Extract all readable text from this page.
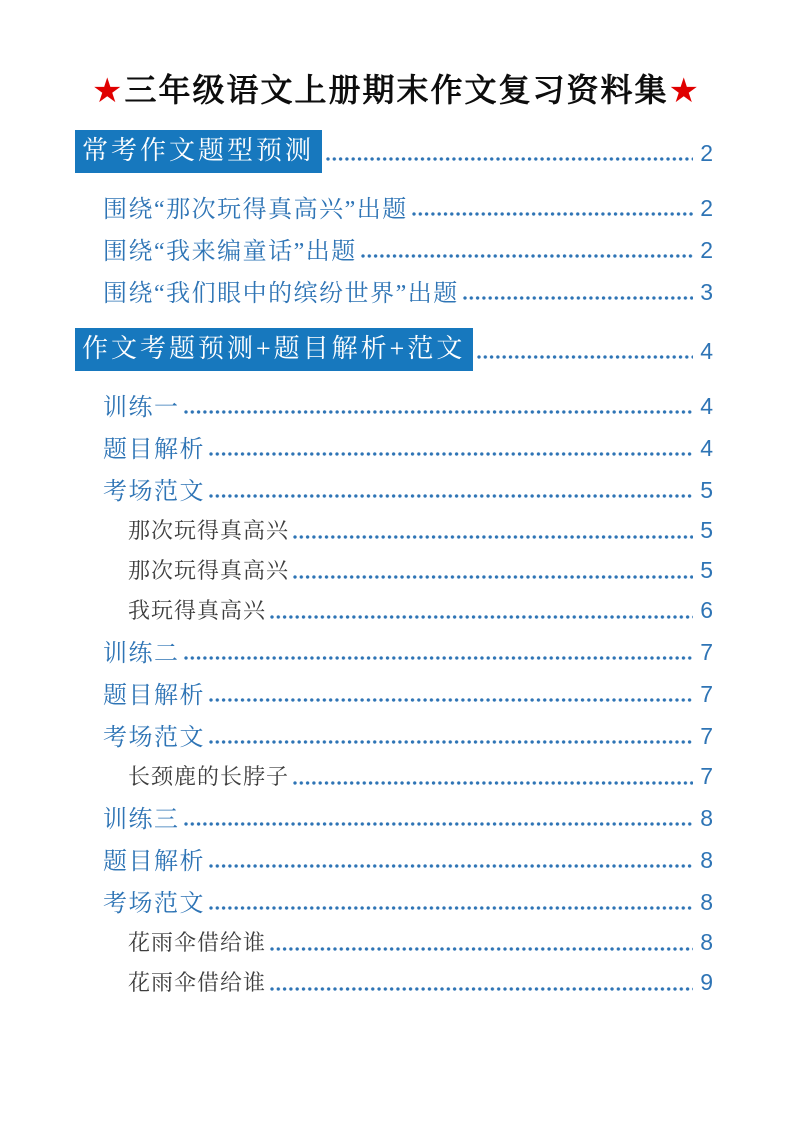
★三年级语文上册期末作文复习资料集★
常考作文题型预测	2
围绕“那次玩得真高兴”出题	2
围绕“我来编童话”出题	2
围绕“我们眼中的缤纷世界”出题	3
作文考题预测+题目解析+范文	4
训练一	4
题目解析	4
考场范文	5
那次玩得真高兴	5
那次玩得真高兴	5
我玩得真高兴	6
训练二	7
题目解析	7
考场范文	7
长颈鹿的长脖子	7
训练三	8
题目解析	8
考场范文	8
花雨伞借给谁	8
花雨伞借给谁	9
